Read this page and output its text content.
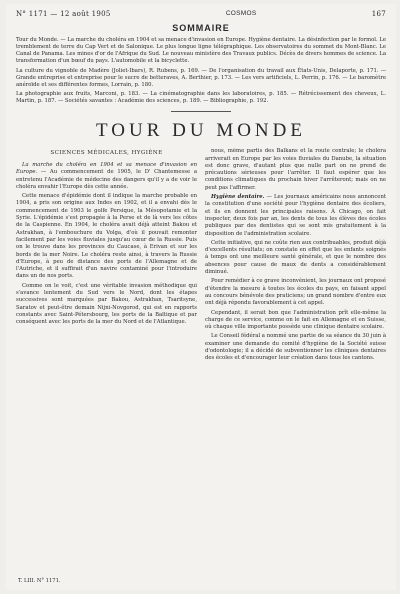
N° 1171 — 12 août 1905	COSMOS	167
SOMMAIRE

Tour du Monde. — La marche du choléra en 1904 et sa menace d'invasion en Europe. Hygiène dentaire. La désinfection par le formol. Le tremblement de terre du Cap Vert et de Salonique. Le plus longue ligne télégraphique. Les observatoires du sommet du Mont-Blanc. Le Canal de Panama. Les mines d'or de l'Afrique du Sud. Le nouveau ministère des Travaux publics. Décès de divers hommes de science. La transformation d'un bœuf du pays. L'automobile et la bicyclette.

La culture du vignoble de Madère (Joliet-Ibars), R. Rubens, p. 169. — De l'organisation du travail aux États-Unis, Delaporte, p. 171. — Grande entreprise et entreprise pour le sucre de betteraves, A. Berthier, p. 173. — Les vers artificiels, L. Perrin, p. 176. — Le baromètre anéroïde et ses différentes formes, Lorrain, p. 180.

La photographie aux fruits, Marconi, p. 183. — La cinématographie dans les laboratoires, p. 185. — Rétrécissement des cheveux, L. Martin, p. 187. — Sociétés savantes : Académie des sciences, p. 189. — Bibliographie, p. 192.

TOUR DU MONDE
SCIENCES MÉDICALES, HYGIÈNE

La marche du choléra en 1904 et sa menace d'invasion en Europe. — Au commencement de 1905, le D' Chantemesse a entretenu l'Académie de médecine des dangers qu'il y a de voir le choléra envahir l'Europe dès cette année.

Cette menace d'épidémie dont il indique la marche probable en 1904, a pris son origine aux Indes en 1902, et il a envahi dès le commencement de 1903 le golfe Persique, la Mésopotamie et la Syrie. L'épidémie s'est propagée à la Perse et de là vers les côtes de la Caspienne. En 1904, le choléra avait déjà atteint Bakou et Astrakhan, à l'embouchure du Volga, d'où il pouvait remonter facilement par les voies fluviales jusqu'au cœur de la Russie. Puis on le trouve dans les provinces du Caucase, à Erivan et sur les bords de la mer Noire. Le choléra reste ainsi, à travers la Russie d'Europe, à peu de distance des ports de l'Allemagne et de l'Autriche, et il suffirait d'un navire contaminé pour l'introduire dans un de nos ports.

Comme on le voit, c'est une véritable invasion méthodique qui s'avance lentement du Sud vers le Nord, dont les étapes successives sont marquées par Bakou, Astrakhan, Tsaritsyne, Saratov et peut-être demain Nijni-Novgorod, qui est en rapports constants avec Saint-Pétersbourg, les ports de la Baltique et par conséquent avec les ports de la mer du Nord et de l'Atlantique.

nous, même partis des Balkans et la route centrale; le choléra arriverait en Europe par les voies fluviales du Danube, la situation est donc grave, d'autant plus que nulle part on ne prend de précautions sérieuses pour l'arrêter. Il faut espérer que les conditions climatiques du prochain hiver l'arrêteront; mais on ne peut pas l'affirmer.

Hygiène dentaire. — Les journaux américains nous annoncent la constitution d'une société pour l'hygiène dentaire des écoliers, et ils en donnent les principales raisons. À Chicago, on fait inspecter, deux fois par an, les dents de tous les élèves des écoles publiques par des dentistes qui se sont mis gratuitement à la disposition de l'administration scolaire.

Cette initiative, qui ne coûte rien aux contribuables, produit déjà d'excellents résultats; on constate en effet que les enfants soignés à temps ont une meilleure santé générale, et que le nombre des absences pour cause de maux de dents a considérablement diminué.

Pour remédier à ce grave inconvénient, les journaux ont proposé d'étendre la mesure à toutes les écoles du pays, en faisant appel au concours bénévole des praticiens; un grand nombre d'entre eux ont déjà répondu favorablement à cet appel.

Cependant, il serait bon que l'administration prît elle-même la charge de ce service, comme on le fait en Allemagne et en Suisse, où chaque ville importante possède une clinique dentaire scolaire.

Le Conseil fédéral a nommé une partie de sa séance du 30 juin à examiner une demande du comité d'hygiène de la Société suisse d'odontologie; il a décidé de subventionner les cliniques dentaires des écoles et d'encourager leur création dans tous les cantons.

T. LIII. N° 1171.
